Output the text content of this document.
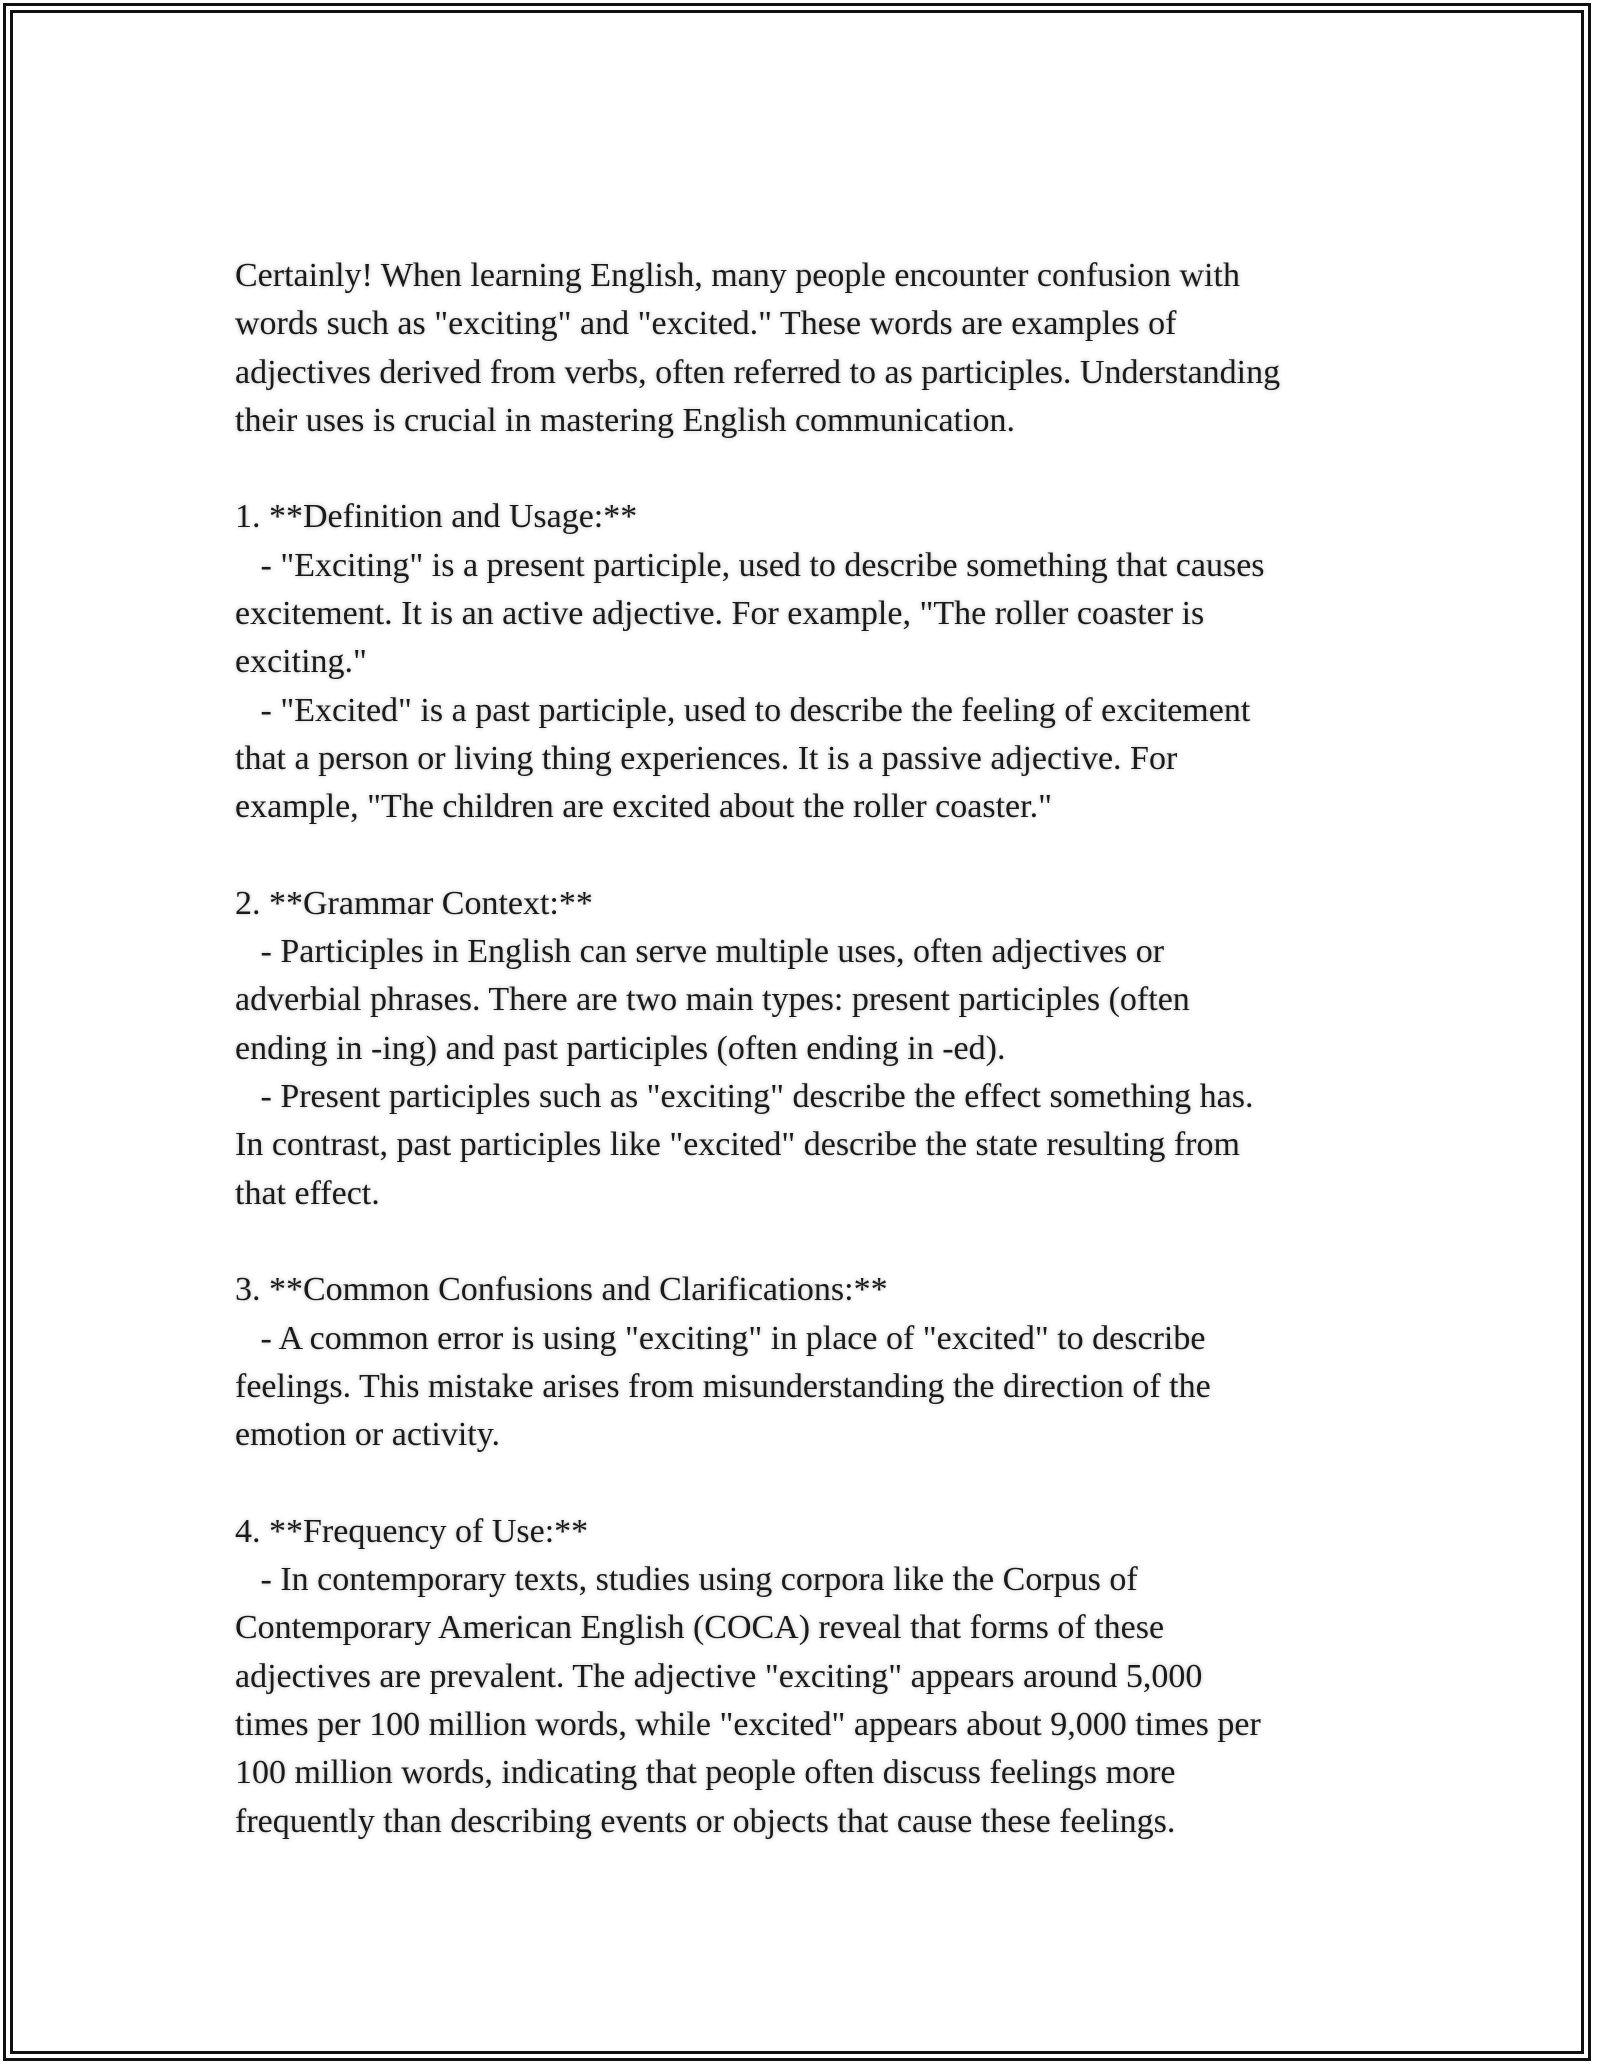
Certainly! When learning English, many people encounter confusion with
words such as "exciting" and "excited." These words are examples of
adjectives derived from verbs, often referred to as participles. Understanding
their uses is crucial in mastering English communication.
1. **Definition and Usage:**
- "Exciting" is a present participle, used to describe something that causes
excitement. It is an active adjective. For example, "The roller coaster is
exciting."
- "Excited" is a past participle, used to describe the feeling of excitement
that a person or living thing experiences. It is a passive adjective. For
example, "The children are excited about the roller coaster."
2. **Grammar Context:**
- Participles in English can serve multiple uses, often adjectives or
adverbial phrases. There are two main types: present participles (often
ending in -ing) and past participles (often ending in -ed).
- Present participles such as "exciting" describe the effect something has.
In contrast, past participles like "excited" describe the state resulting from
that effect.
3. **Common Confusions and Clarifications:**
- A common error is using "exciting" in place of "excited" to describe
feelings. This mistake arises from misunderstanding the direction of the
emotion or activity.
4. **Frequency of Use:**
- In contemporary texts, studies using corpora like the Corpus of
Contemporary American English (COCA) reveal that forms of these
adjectives are prevalent. The adjective "exciting" appears around 5,000
times per 100 million words, while "excited" appears about 9,000 times per
100 million words, indicating that people often discuss feelings more
frequently than describing events or objects that cause these feelings.
